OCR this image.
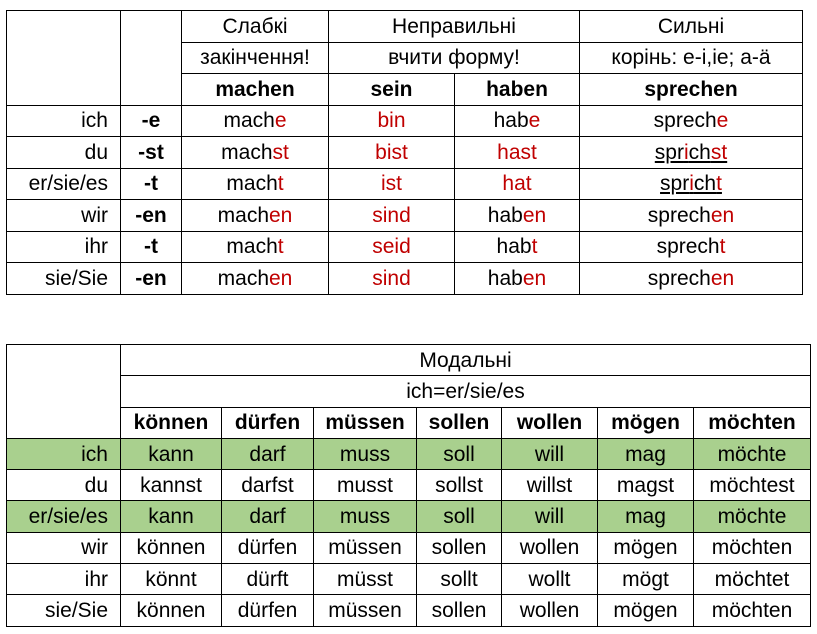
		Слабкі	Неправильні		Сильні
		закінчення!	вчити форму!		корінь: e-i,ie; a-ä
		machen	sein	haben	sprechen
ich	-e	mache	bin	habe	spreche
du	-st	machst	bist	hast	sprichst
er/sie/es	-t	macht	ist	hat	spricht
wir	-en	machen	sind	haben	sprechen
ihr	-t	macht	seid	habt	sprecht
sie/Sie	-en	machen	sind	haben	sprechen
	Модальні						
	ich=er/sie/es						
	können	dürfen	müssen	sollen	wollen	mögen	möchten
ich	kann	darf	muss	soll	will	mag	möchte
du	kannst	darfst	musst	sollst	willst	magst	möchtest
er/sie/es	kann	darf	muss	soll	will	mag	möchte
wir	können	dürfen	müssen	sollen	wollen	mögen	möchten
ihr	könnt	dürft	müsst	sollt	wollt	mögt	möchtet
sie/Sie	können	dürfen	müssen	sollen	wollen	mögen	möchten
